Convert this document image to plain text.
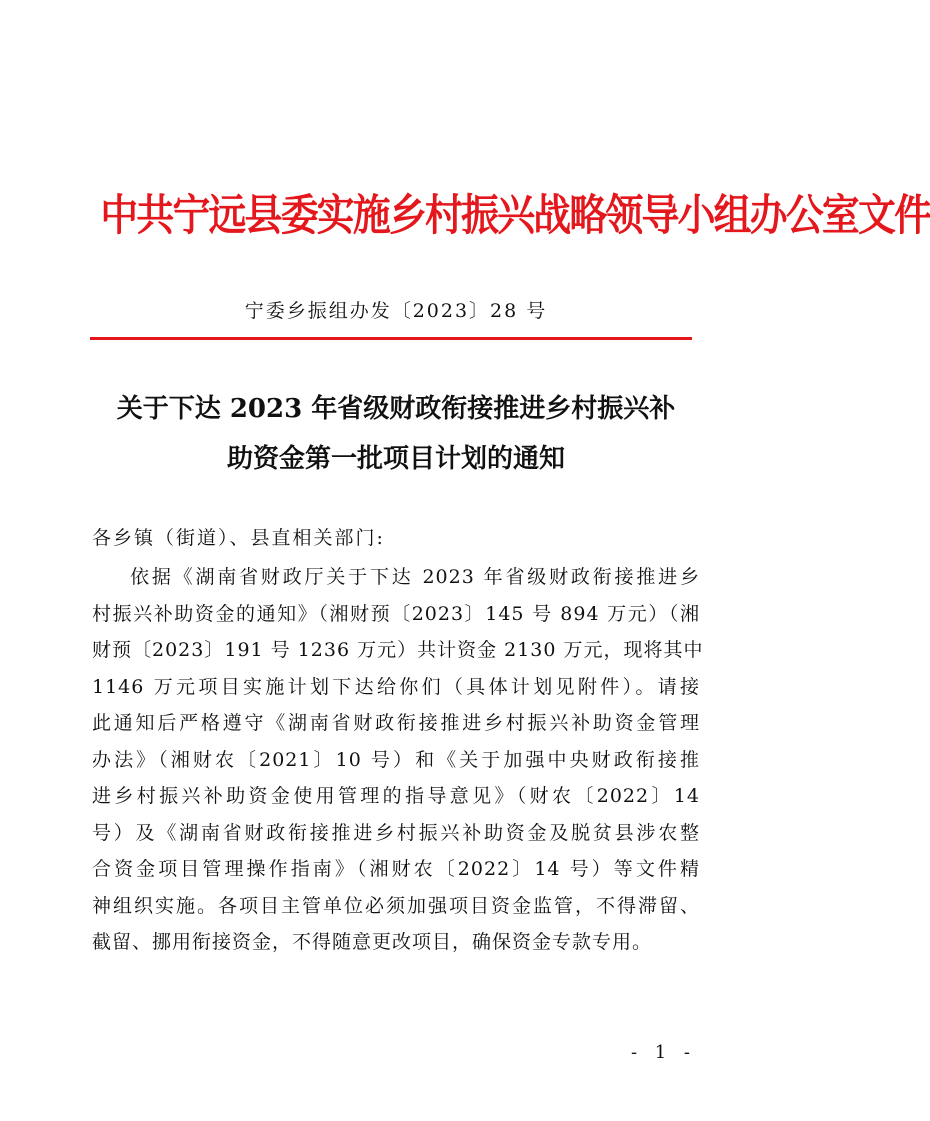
中共宁远县委实施乡村振兴战略领导小组办公室文件
宁委乡振组办发〔2023〕28 号
关于下达 2023 年省级财政衔接推进乡村振兴补
助资金第一批项目计划的通知
各乡镇（街道）、县直相关部门:
依据《湖南省财政厅关于下达 2023 年省级财政衔接推进乡
村振兴补助资金的通知》（湘财预〔2023〕145 号 894 万元）（湘
财预〔2023〕191 号 1236 万元）共计资金 2130 万元，现将其中
1146 万元项目实施计划下达给你们（具体计划见附件）。请接
此通知后严格遵守《湖南省财政衔接推进乡村振兴补助资金管理
办法》（湘财农〔2021〕10 号）和《关于加强中央财政衔接推
进乡村振兴补助资金使用管理的指导意见》（财农〔2022〕14
号）及《湖南省财政衔接推进乡村振兴补助资金及脱贫县涉农整
合资金项目管理操作指南》（湘财农〔2022〕14 号）等文件精
神组织实施。各项目主管单位必须加强项目资金监管，不得滞留、
截留、挪用衔接资金，不得随意更改项目，确保资金专款专用。
- 1 -
